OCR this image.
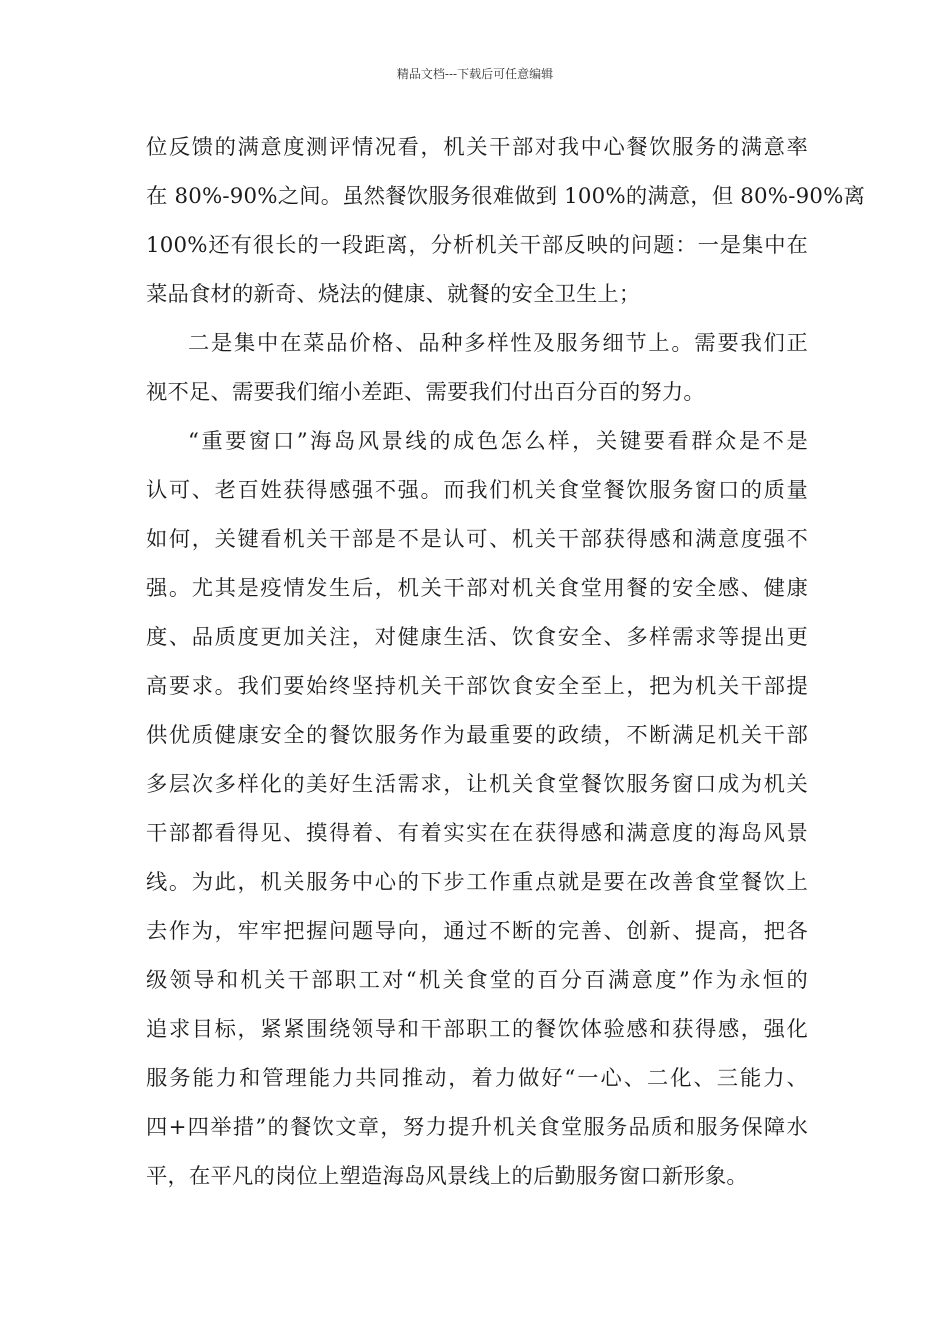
精品文档---下载后可任意编辑
位反馈的满意度测评情况看，机关干部对我中心餐饮服务的满意率
在 80%-90%之间。虽然餐饮服务很难做到 100%的满意，但 80%-90%离
100%还有很长的一段距离，分析机关干部反映的问题：一是集中在
菜品食材的新奇、烧法的健康、就餐的安全卫生上；
二是集中在菜品价格、品种多样性及服务细节上。需要我们正
视不足、需要我们缩小差距、需要我们付出百分百的努力。
“重要窗口”海岛风景线的成色怎么样，关键要看群众是不是
认可、老百姓获得感强不强。而我们机关食堂餐饮服务窗口的质量
如何，关键看机关干部是不是认可、机关干部获得感和满意度强不
强。尤其是疫情发生后，机关干部对机关食堂用餐的安全感、健康
度、品质度更加关注，对健康生活、饮食安全、多样需求等提出更
高要求。我们要始终坚持机关干部饮食安全至上，把为机关干部提
供优质健康安全的餐饮服务作为最重要的政绩，不断满足机关干部
多层次多样化的美好生活需求，让机关食堂餐饮服务窗口成为机关
干部都看得见、摸得着、有着实实在在获得感和满意度的海岛风景
线。为此，机关服务中心的下步工作重点就是要在改善食堂餐饮上
去作为，牢牢把握问题导向，通过不断的完善、创新、提高，把各
级领导和机关干部职工对“机关食堂的百分百满意度”作为永恒的
追求目标，紧紧围绕领导和干部职工的餐饮体验感和获得感，强化
服务能力和管理能力共同推动，着力做好“一心、二化、三能力、
四+四举措”的餐饮文章，努力提升机关食堂服务品质和服务保障水
平，在平凡的岗位上塑造海岛风景线上的后勤服务窗口新形象。
